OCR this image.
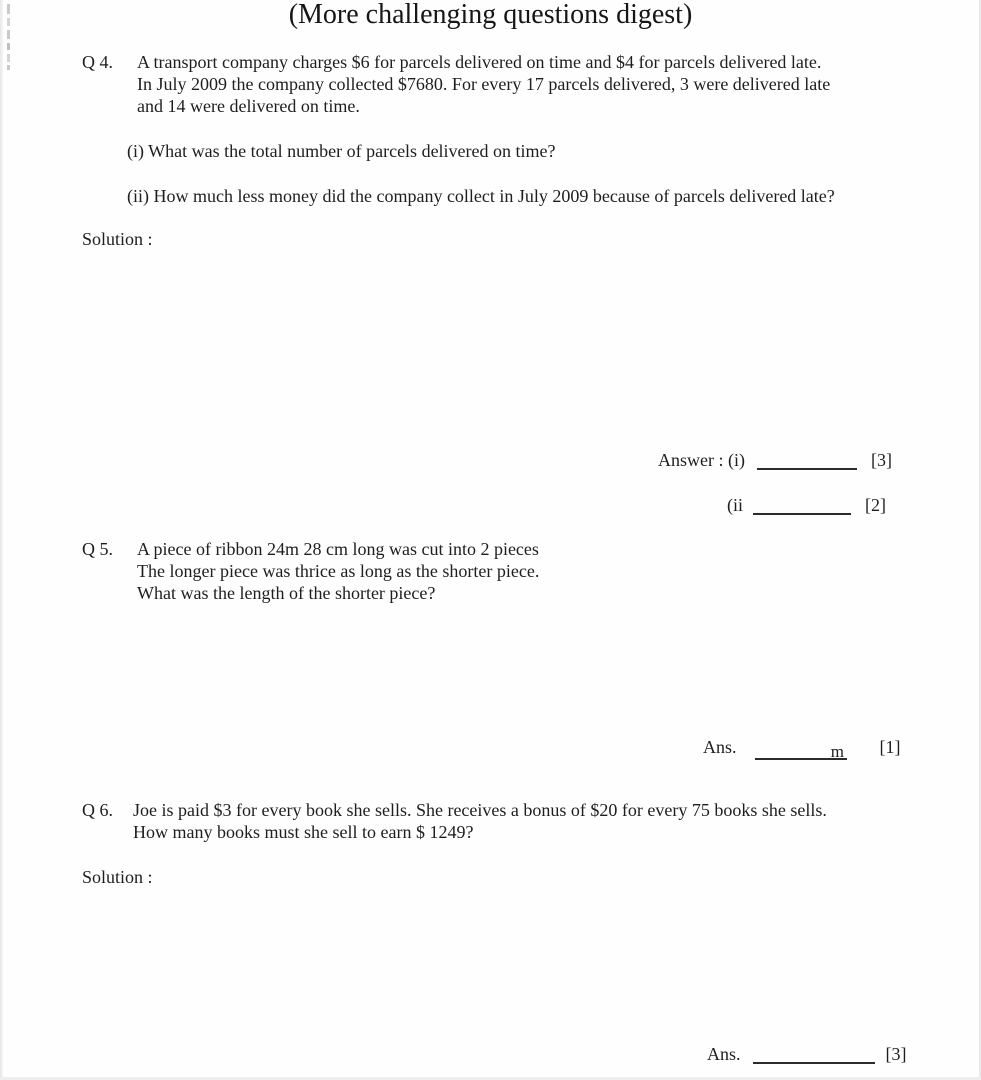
(More challenging questions digest)
Q 4. A transport company charges $6 for parcels delivered on time and $4 for parcels delivered late.
In July 2009 the company collected $7680. For every 17 parcels delivered, 3 were delivered late
and 14 were delivered on time.
(i) What was the total number of parcels delivered on time?
(ii) How much less money did the company collect in July 2009 because of parcels delivered late?
Solution :
Answer : (i)	[3]
(ii	[2]
Q 5. A piece of ribbon 24m 28 cm long was cut into 2 pieces
The longer piece was thrice as long as the shorter piece.
What was the length of the shorter piece?
Ans.	m [1]
Q 6. Joe is paid $3 for every book she sells. She receives a bonus of $20 for every 75 books she sells.
How many books must she sell to earn $ 1249?
Solution :
Ans.	[3]
